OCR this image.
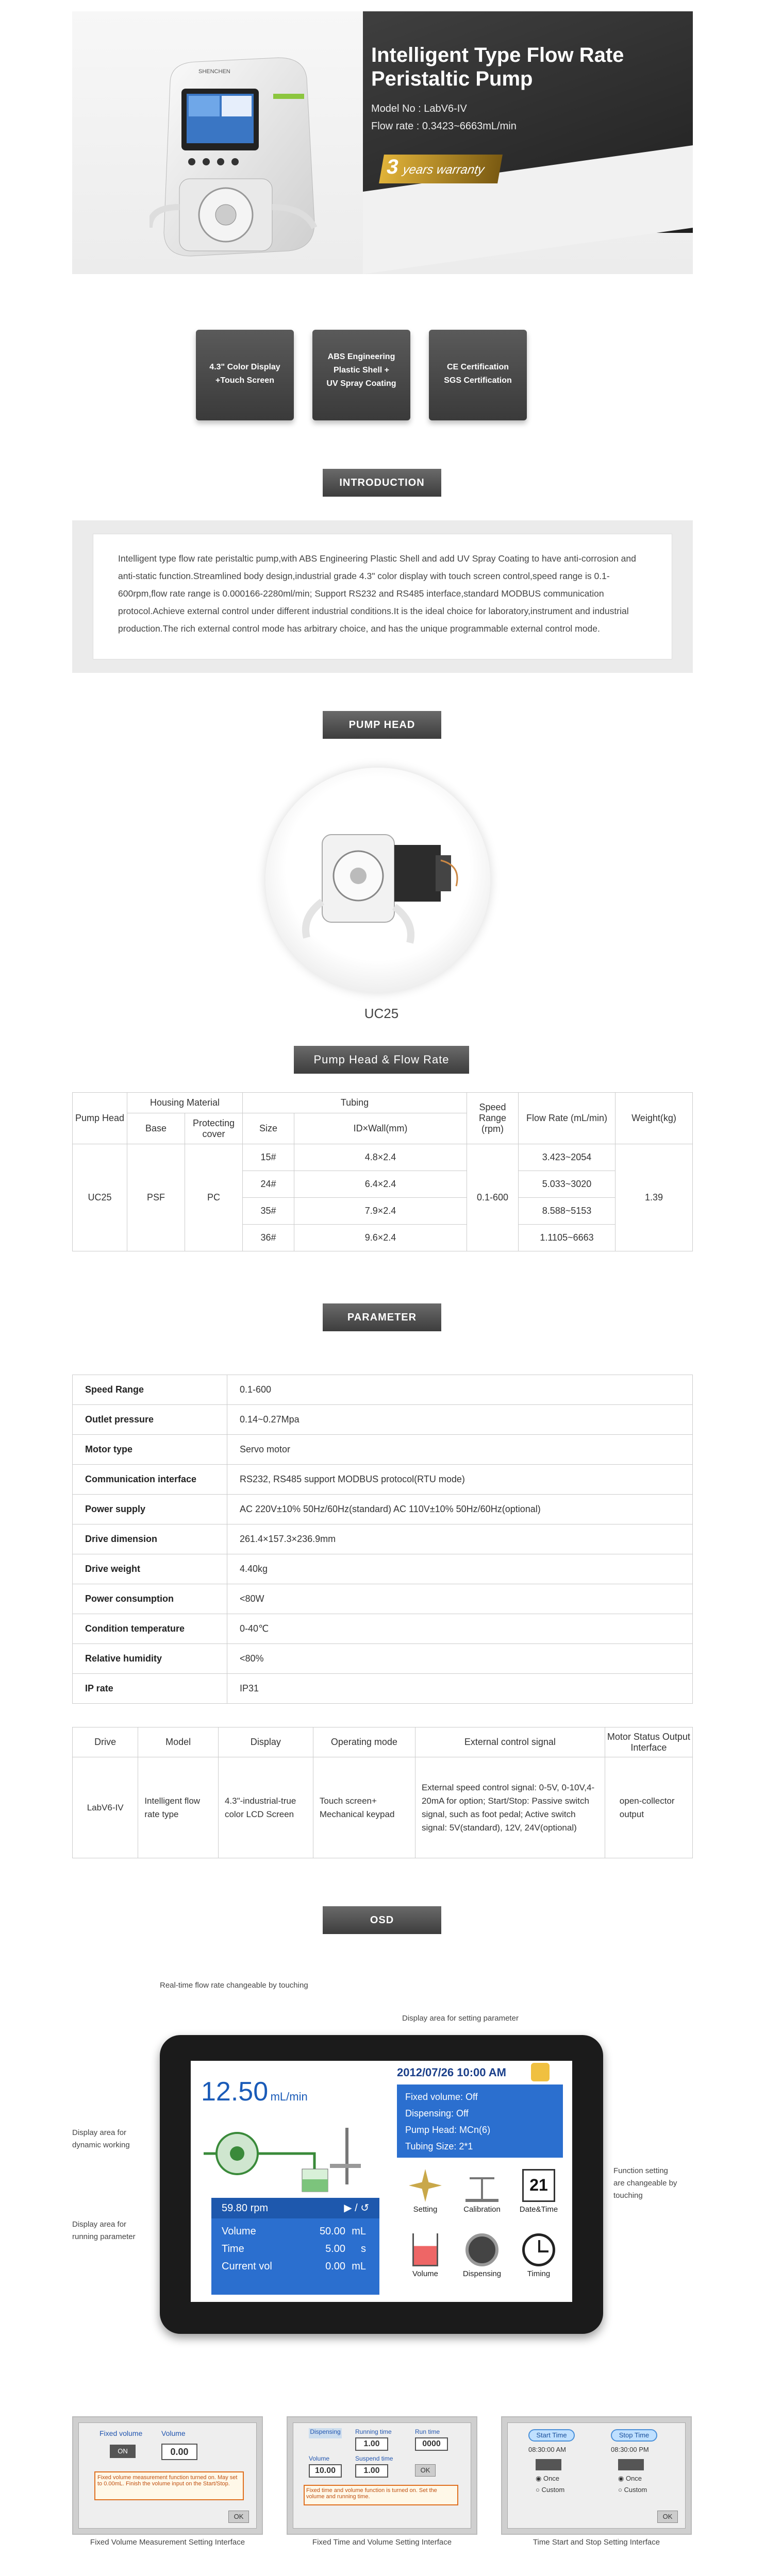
SHENCHEN
Intelligent Type Flow Rate
Peristaltic Pump
Model No : LabV6-IV
Flow rate : 0.3423~6663mL/min
3 years warranty
4.3" Color Display
+Touch Screen
ABS Engineering
Plastic Shell +
UV Spray Coating
CE Certification
SGS Certification
INTRODUCTION
Intelligent type flow rate peristaltic pump,with ABS Engineering Plastic Shell and add UV Spray Coating to have anti-corrosion and anti-static function.Streamlined body design,industrial grade 4.3" color display with touch screen control,speed range is 0.1-600rpm,flow rate range is 0.000166-2280ml/min; Support RS232 and RS485 interface,standard MODBUS communication protocol.Achieve external control under different industrial conditions.It is the ideal choice for laboratory,instrument and industrial production.The rich external control mode has arbitrary choice, and has the unique programmable external control mode.
PUMP HEAD
UC25
Pump Head & Flow Rate
Pump Head	Housing Material		Tubing		Speed Range (rpm)	Flow Rate (mL/min)	Weight(kg)
	Base	Protecting cover	Size	ID×Wall(mm)			
UC25	PSF	PC	15#	4.8×2.4	0.1-600	3.423~2054	1.39
			24#	6.4×2.4		5.033~3020	
			35#	7.9×2.4		8.588~5153	
			36#	9.6×2.4		1.1105~6663	
PARAMETER
Speed Range	0.1-600
Outlet pressure	0.14~0.27Mpa
Motor type	Servo motor
Communication interface	RS232, RS485 support MODBUS protocol(RTU mode)
Power supply	AC 220V±10% 50Hz/60Hz(standard) AC 110V±10% 50Hz/60Hz(optional)
Drive dimension	261.4×157.3×236.9mm
Drive weight	4.40kg
Power consumption	<80W
Condition temperature	0-40℃
Relative humidity	<80%
IP rate	IP31
Drive	Model	Display	Operating mode	External control signal	Motor Status Output Interface
LabV6-IV	Intelligent flow rate type	4.3"-industrial-true color LCD Screen	Touch screen+ Mechanical keypad	External speed control signal: 0-5V, 0-10V,4-20mA for option; Start/Stop: Passive switch signal, such as foot pedal; Active switch signal: 5V(standard), 12V, 24V(optional)	open-collector output
OSD
Real-time flow rate changeable by touching
Display area for setting parameter
Display area for
dynamic working
Display area for
running parameter
Function setting
are changeable by
touching
12.50 mL/min
2012/07/26 10:00 AM
Fixed volume: Off
Dispensing: Off
Pump Head: MCn(6)
Tubing Size: 2*1
59.80 rpm	▶ / ↺
Volume	50.00 mL
Time	5.00	s
Current vol	0.00 mL
Setting	Calibration
21
Date&Time
Volume	Dispensing	Timing
Fixed volume	Volume
ON	0.00
Fixed volume measurement function turned on. May set to 0.00mL. Finish the volume input on the Start/Stop.
OK
Dispensing Running time	Run time
1.00	0000
Volume	Suspend time
10.00	1.00	OK
Fixed time and volume function is turned on. Set the volume and running time.
Start Time	Stop Time
08:30:00 AM	08:30:00 PM
◉ Once
○ Custom
◉ Once
○ Custom
OK
Fixed Volume Measurement Setting Interface	Fixed Time and Volume Setting Interface	Time Start and Stop Setting Interface
